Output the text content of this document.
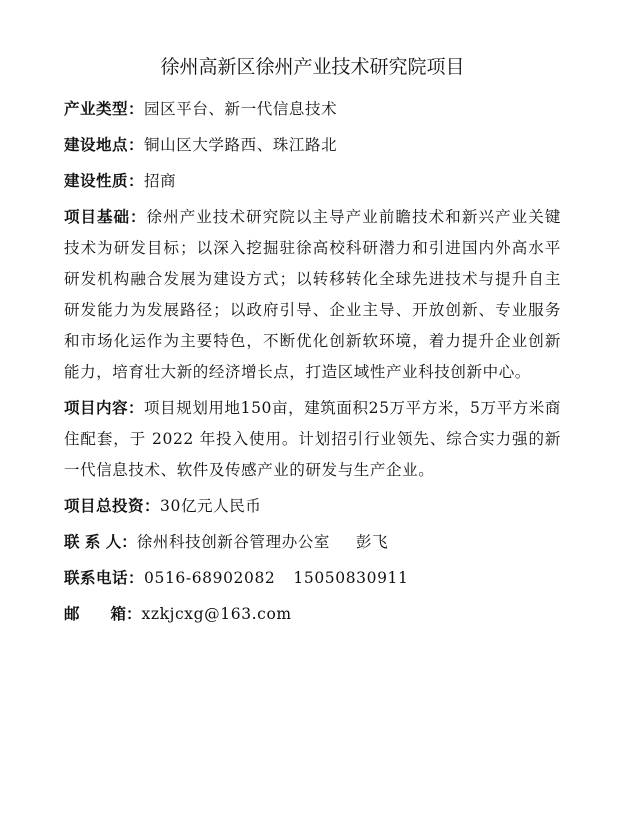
徐州高新区徐州产业技术研究院项目
产业类型：园区平台、新一代信息技术
建设地点：铜山区大学路西、珠江路北
建设性质：招商
项目基础：徐州产业技术研究院以主导产业前瞻技术和新兴产业关键技术为研发目标；以深入挖掘驻徐高校科研潜力和引进国内外高水平研发机构融合发展为建设方式；以转移转化全球先进技术与提升自主研发能力为发展路径；以政府引导、企业主导、开放创新、专业服务和市场化运作为主要特色，不断优化创新软环境，着力提升企业创新能力，培育壮大新的经济增长点，打造区域性产业科技创新中心。
项目内容：项目规划用地150亩，建筑面积25万平方米，5万平方米商住配套，于 2022 年投入使用。计划招引行业领先、综合实力强的新一代信息技术、软件及传感产业的研发与生产企业。
项目总投资：30亿元人民币
联 系 人：徐州科技创新谷管理办公室 彭飞
联系电话：0516-68902082 15050830911
邮　　箱：xzkjcxg@163.com
